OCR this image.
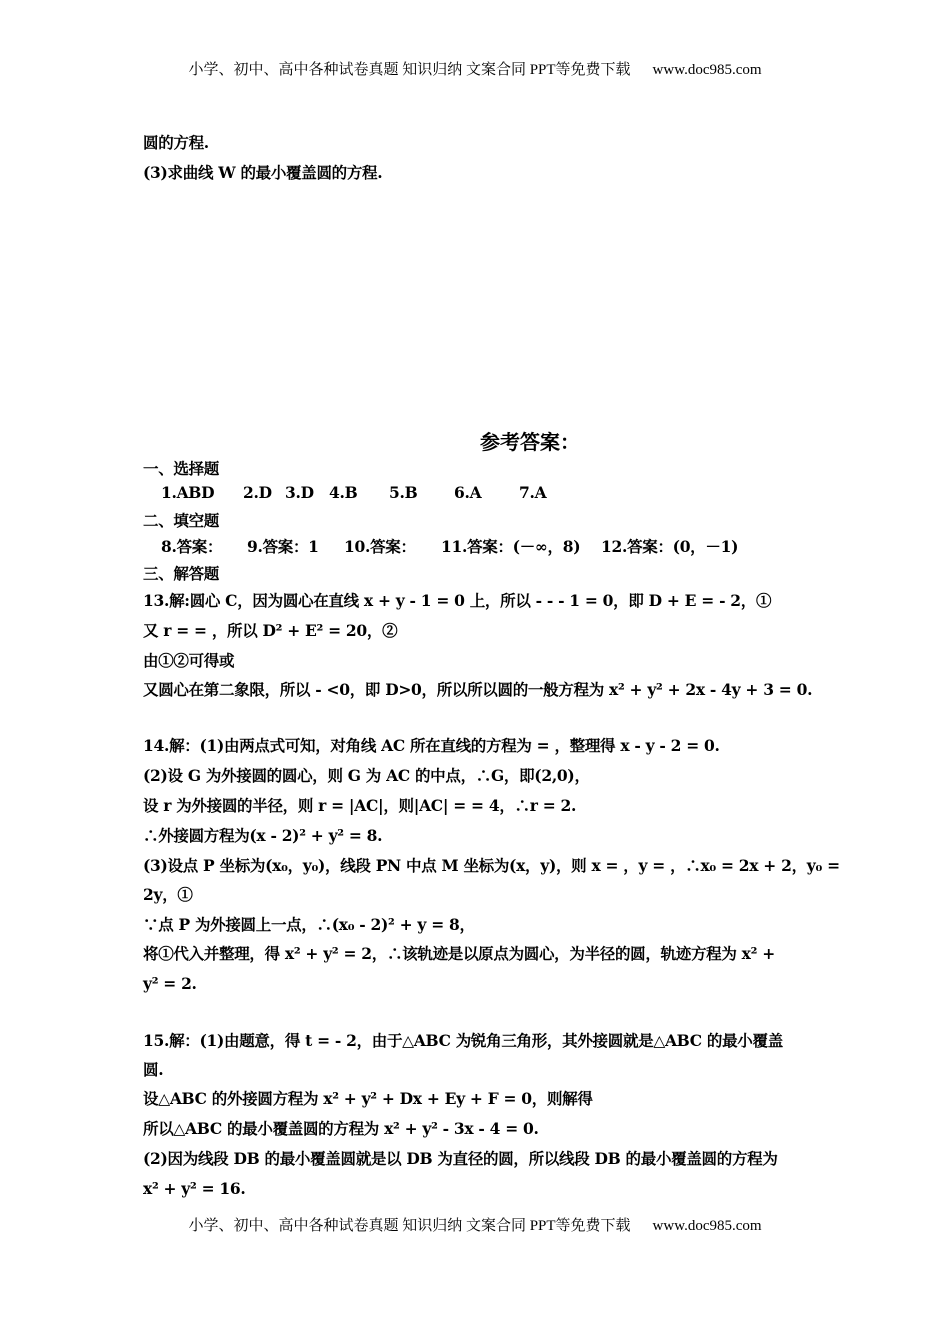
小学、初中、高中各种试卷真题 知识归纳 文案合同 PPT等免费下载 www.doc985.com
圆的方程.
(3)求曲线 W 的最小覆盖圆的方程.
参考答案：
一、选择题
1.ABD 2.D 3.D 4.B 5.B 6.A 7.A
二、填空题
8.答案： 9.答案：1 10.答案： 11.答案：(－∞，8) 12.答案：(0，－1)
三、解答题
13.解:圆心 C，因为圆心在直线 x + y - 1 = 0 上，所以 - - - 1 = 0，即 D + E = - 2，①
又 r = = ，所以 D² + E² = 20，②
由①②可得或
又圆心在第二象限，所以 - <0，即 D>0，所以所以圆的一般方程为 x² + y² + 2x - 4y + 3 = 0.
14.解：(1)由两点式可知，对角线 AC 所在直线的方程为 = ，整理得 x - y - 2 = 0.
(2)设 G 为外接圆的圆心，则 G 为 AC 的中点，∴G，即(2,0)，
设 r 为外接圆的半径，则 r = |AC|，则|AC| = = 4，∴r = 2.
∴外接圆方程为(x - 2)² + y² = 8.
(3)设点 P 坐标为(x₀，y₀)，线段 PN 中点 M 坐标为(x，y)，则 x = ，y = ，∴x₀ = 2x + 2，y₀ =
2y，①
∵点 P 为外接圆上一点，∴(x₀ - 2)² + y = 8，
将①代入并整理，得 x² + y² = 2，∴该轨迹是以原点为圆心，为半径的圆，轨迹方程为 x² +
y² = 2.
15.解：(1)由题意，得 t = - 2，由于△ABC 为锐角三角形，其外接圆就是△ABC 的最小覆盖
圆.
设△ABC 的外接圆方程为 x² + y² + Dx + Ey + F = 0，则解得
所以△ABC 的最小覆盖圆的方程为 x² + y² - 3x - 4 = 0.
(2)因为线段 DB 的最小覆盖圆就是以 DB 为直径的圆，所以线段 DB 的最小覆盖圆的方程为
x² + y² = 16.
小学、初中、高中各种试卷真题 知识归纳 文案合同 PPT等免费下载 www.doc985.com
